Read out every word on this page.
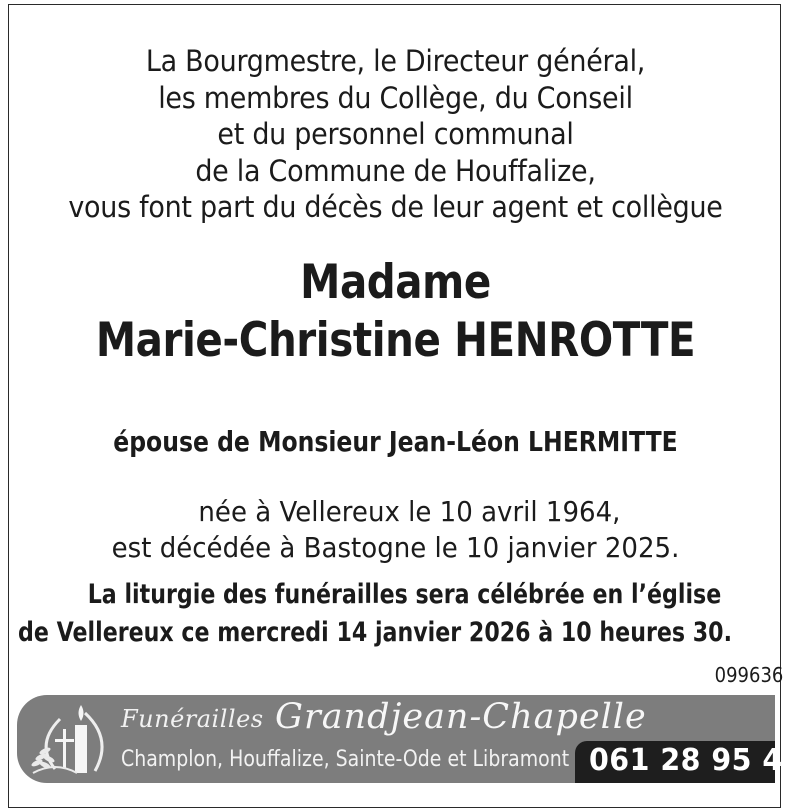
La Bourgmestre, le Directeur général,
les membres du Collège, du Conseil
et du personnel communal
de la Commune de Houffalize,
vous font part du décès de leur agent et collègue
Madame
Marie-Christine HENROTTE
épouse de Monsieur Jean-Léon LHERMITTE
née à Vellereux le 10 avril 1964,
est décédée à Bastogne le 10 janvier 2025.
La liturgie des funérailles sera célébrée en l’église
de Vellereux ce mercredi 14 janvier 2026 à 10 heures 30.
099636
Funérailles Grandjean-Chapelle
Champlon, Houffalize, Sainte-Ode et Libramont 061 28 95 43
